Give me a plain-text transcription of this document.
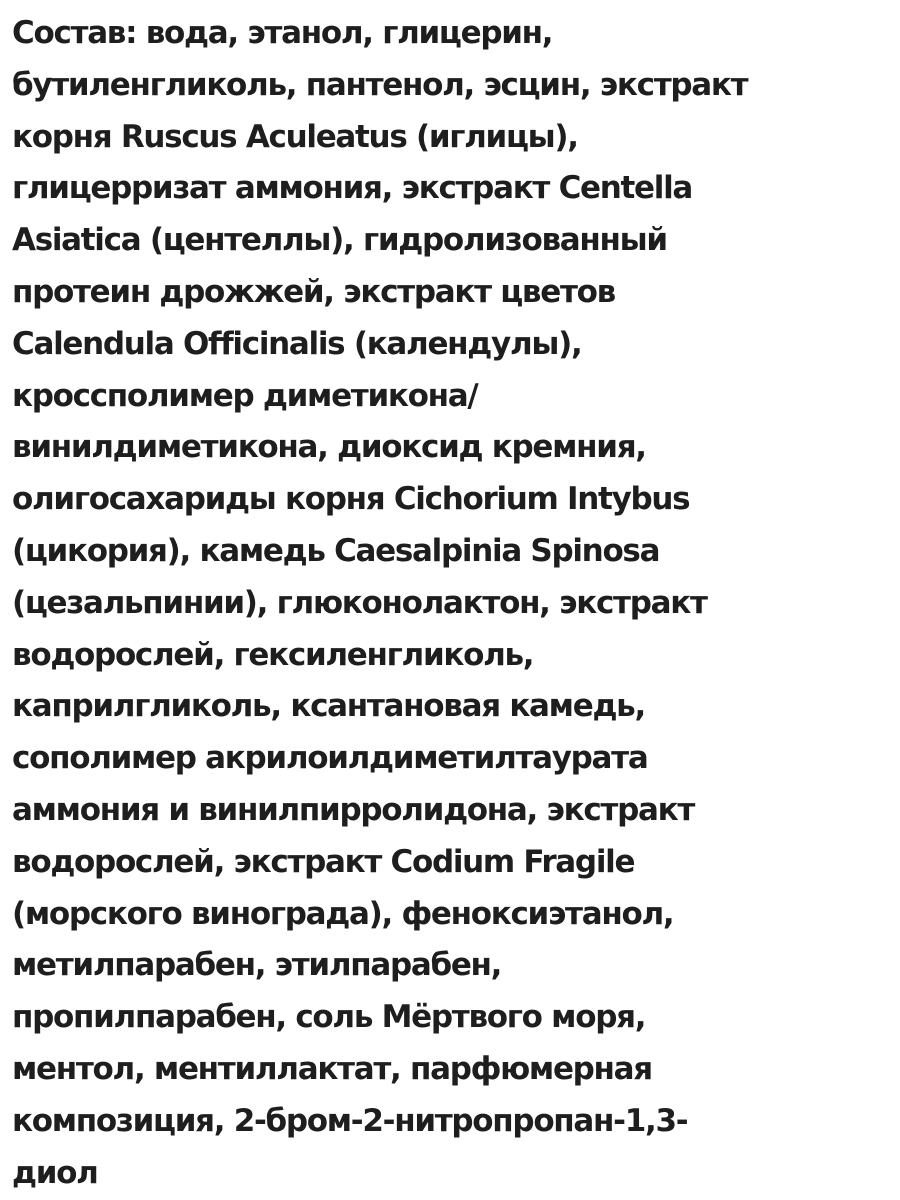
Состав: вода, этанол, глицерин,
бутиленгликоль, пантенол, эсцин, экстракт
корня Ruscus Aculeatus (иглицы),
глицерризат аммония, экстракт Centella
Asiatica (центеллы), гидролизованный
протеин дрожжей, экстракт цветов
Calendula Officinalis (календулы),
кросcполимер диметикона/
винилдиметикона, диоксид кремния,
олигосахариды корня Cichorium Intybus
(цикория), камедь Caesalpinia Spinosa
(цезальпинии), глюконолактон, экстракт
водорослей, гексиленгликоль,
каприлгликоль, ксантановая камедь,
сополимер акрилоилдиметилтаурата
аммония и винилпирролидона, экстракт
водорослей, экстракт Codium Fragile
(морского винограда), феноксиэтанол,
метилпарабен, этилпарабен,
пропилпарабен, соль Мёртвого моря,
ментол, ментиллактат, парфюмерная
композиция, 2-бром-2-нитропропан-1,3-
диол
